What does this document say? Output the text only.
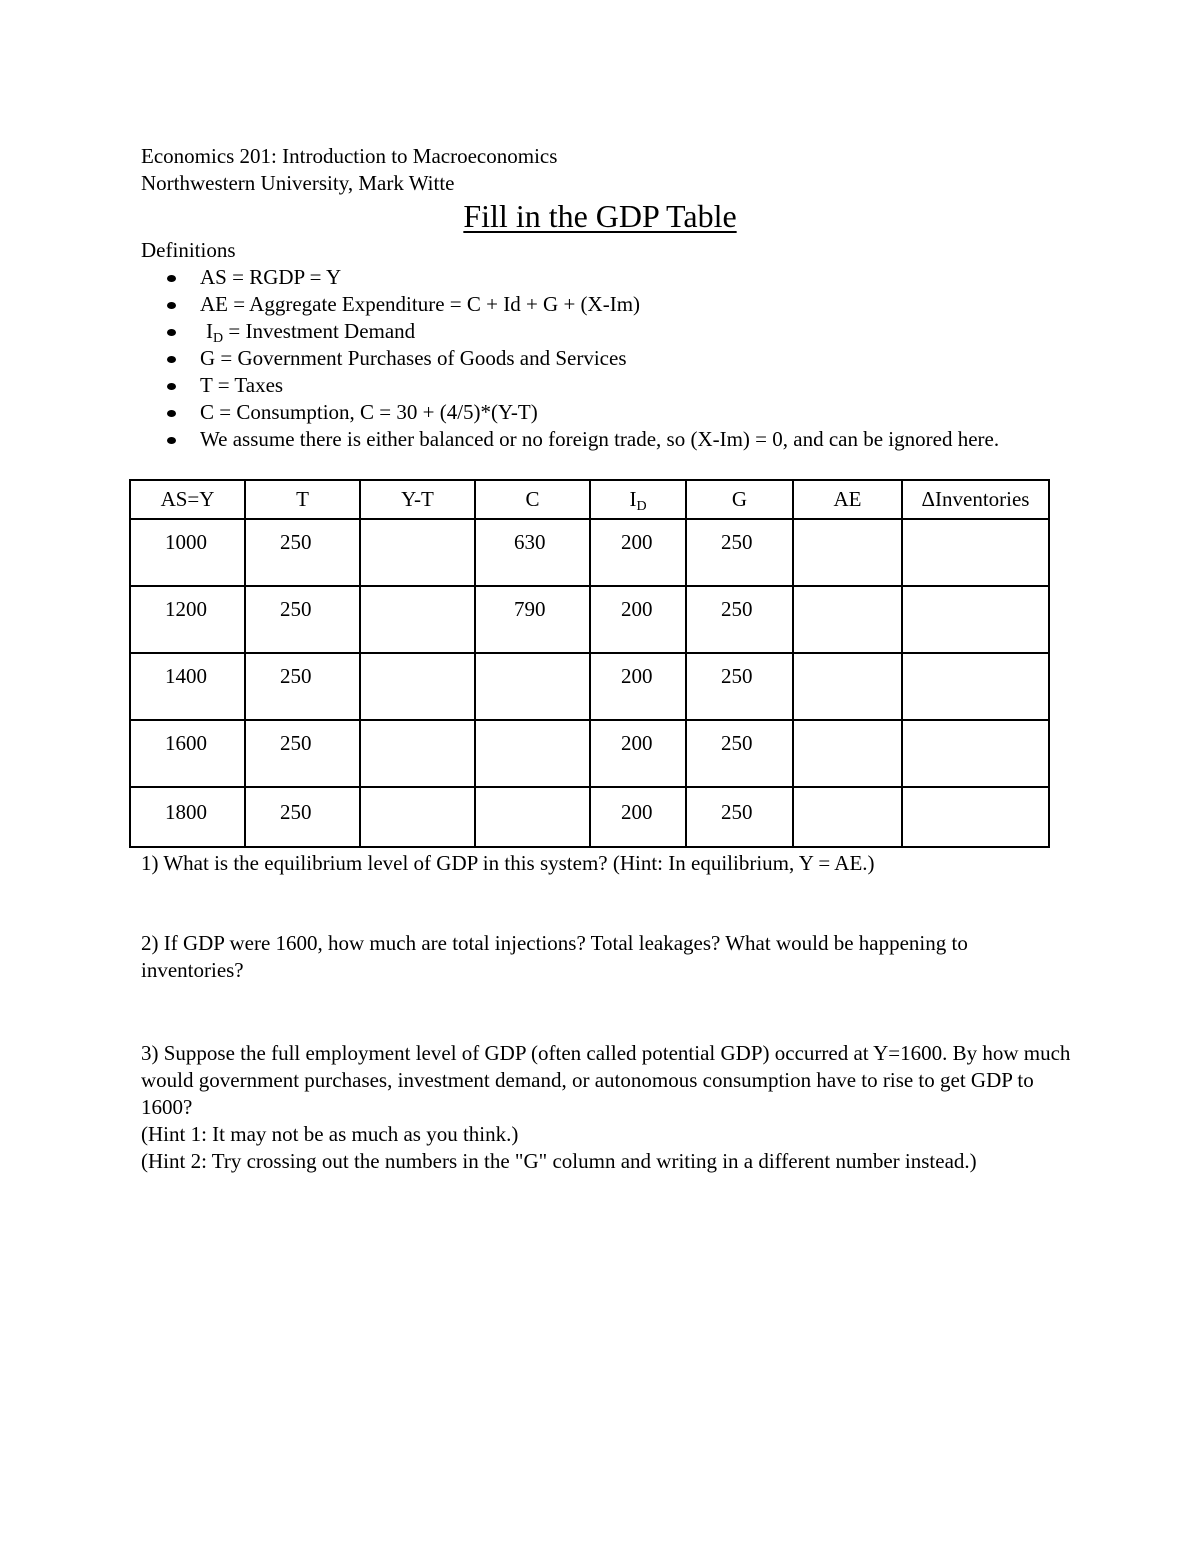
Economics 201: Introduction to Macroeconomics
Northwestern University, Mark Witte
Fill in the GDP Table
Definitions
AS = RGDP = Y
AE = Aggregate Expenditure = C + Id + G + (X-Im)
$I_D$ = Investment Demand
G = Government Purchases of Goods and Services
T = Taxes
C = Consumption, C = 30 + (4/5)*(Y-T)
We assume there is either balanced or no foreign trade, so (X-Im) = 0, and can be ignored here.
AS=Y	T	Y-T	C	$I_D$	G	AE	ΔInventories
1000	250		630	200	250		
1200	250		790	200	250		
1400	250			200	250		
1600	250			200	250		
1800	250			200	250		

1) What is the equilibrium level of GDP in this system? (Hint: In equilibrium, Y = AE.)

2) If GDP were 1600, how much are total injections? Total leakages? What would be happening to inventories?

3) Suppose the full employment level of GDP (often called potential GDP) occurred at Y=1600. By how much would government purchases, investment demand, or autonomous consumption have to rise to get GDP to 1600?

(Hint 1: It may not be as much as you think.)

(Hint 2: Try crossing out the numbers in the "G" column and writing in a different number instead.)
